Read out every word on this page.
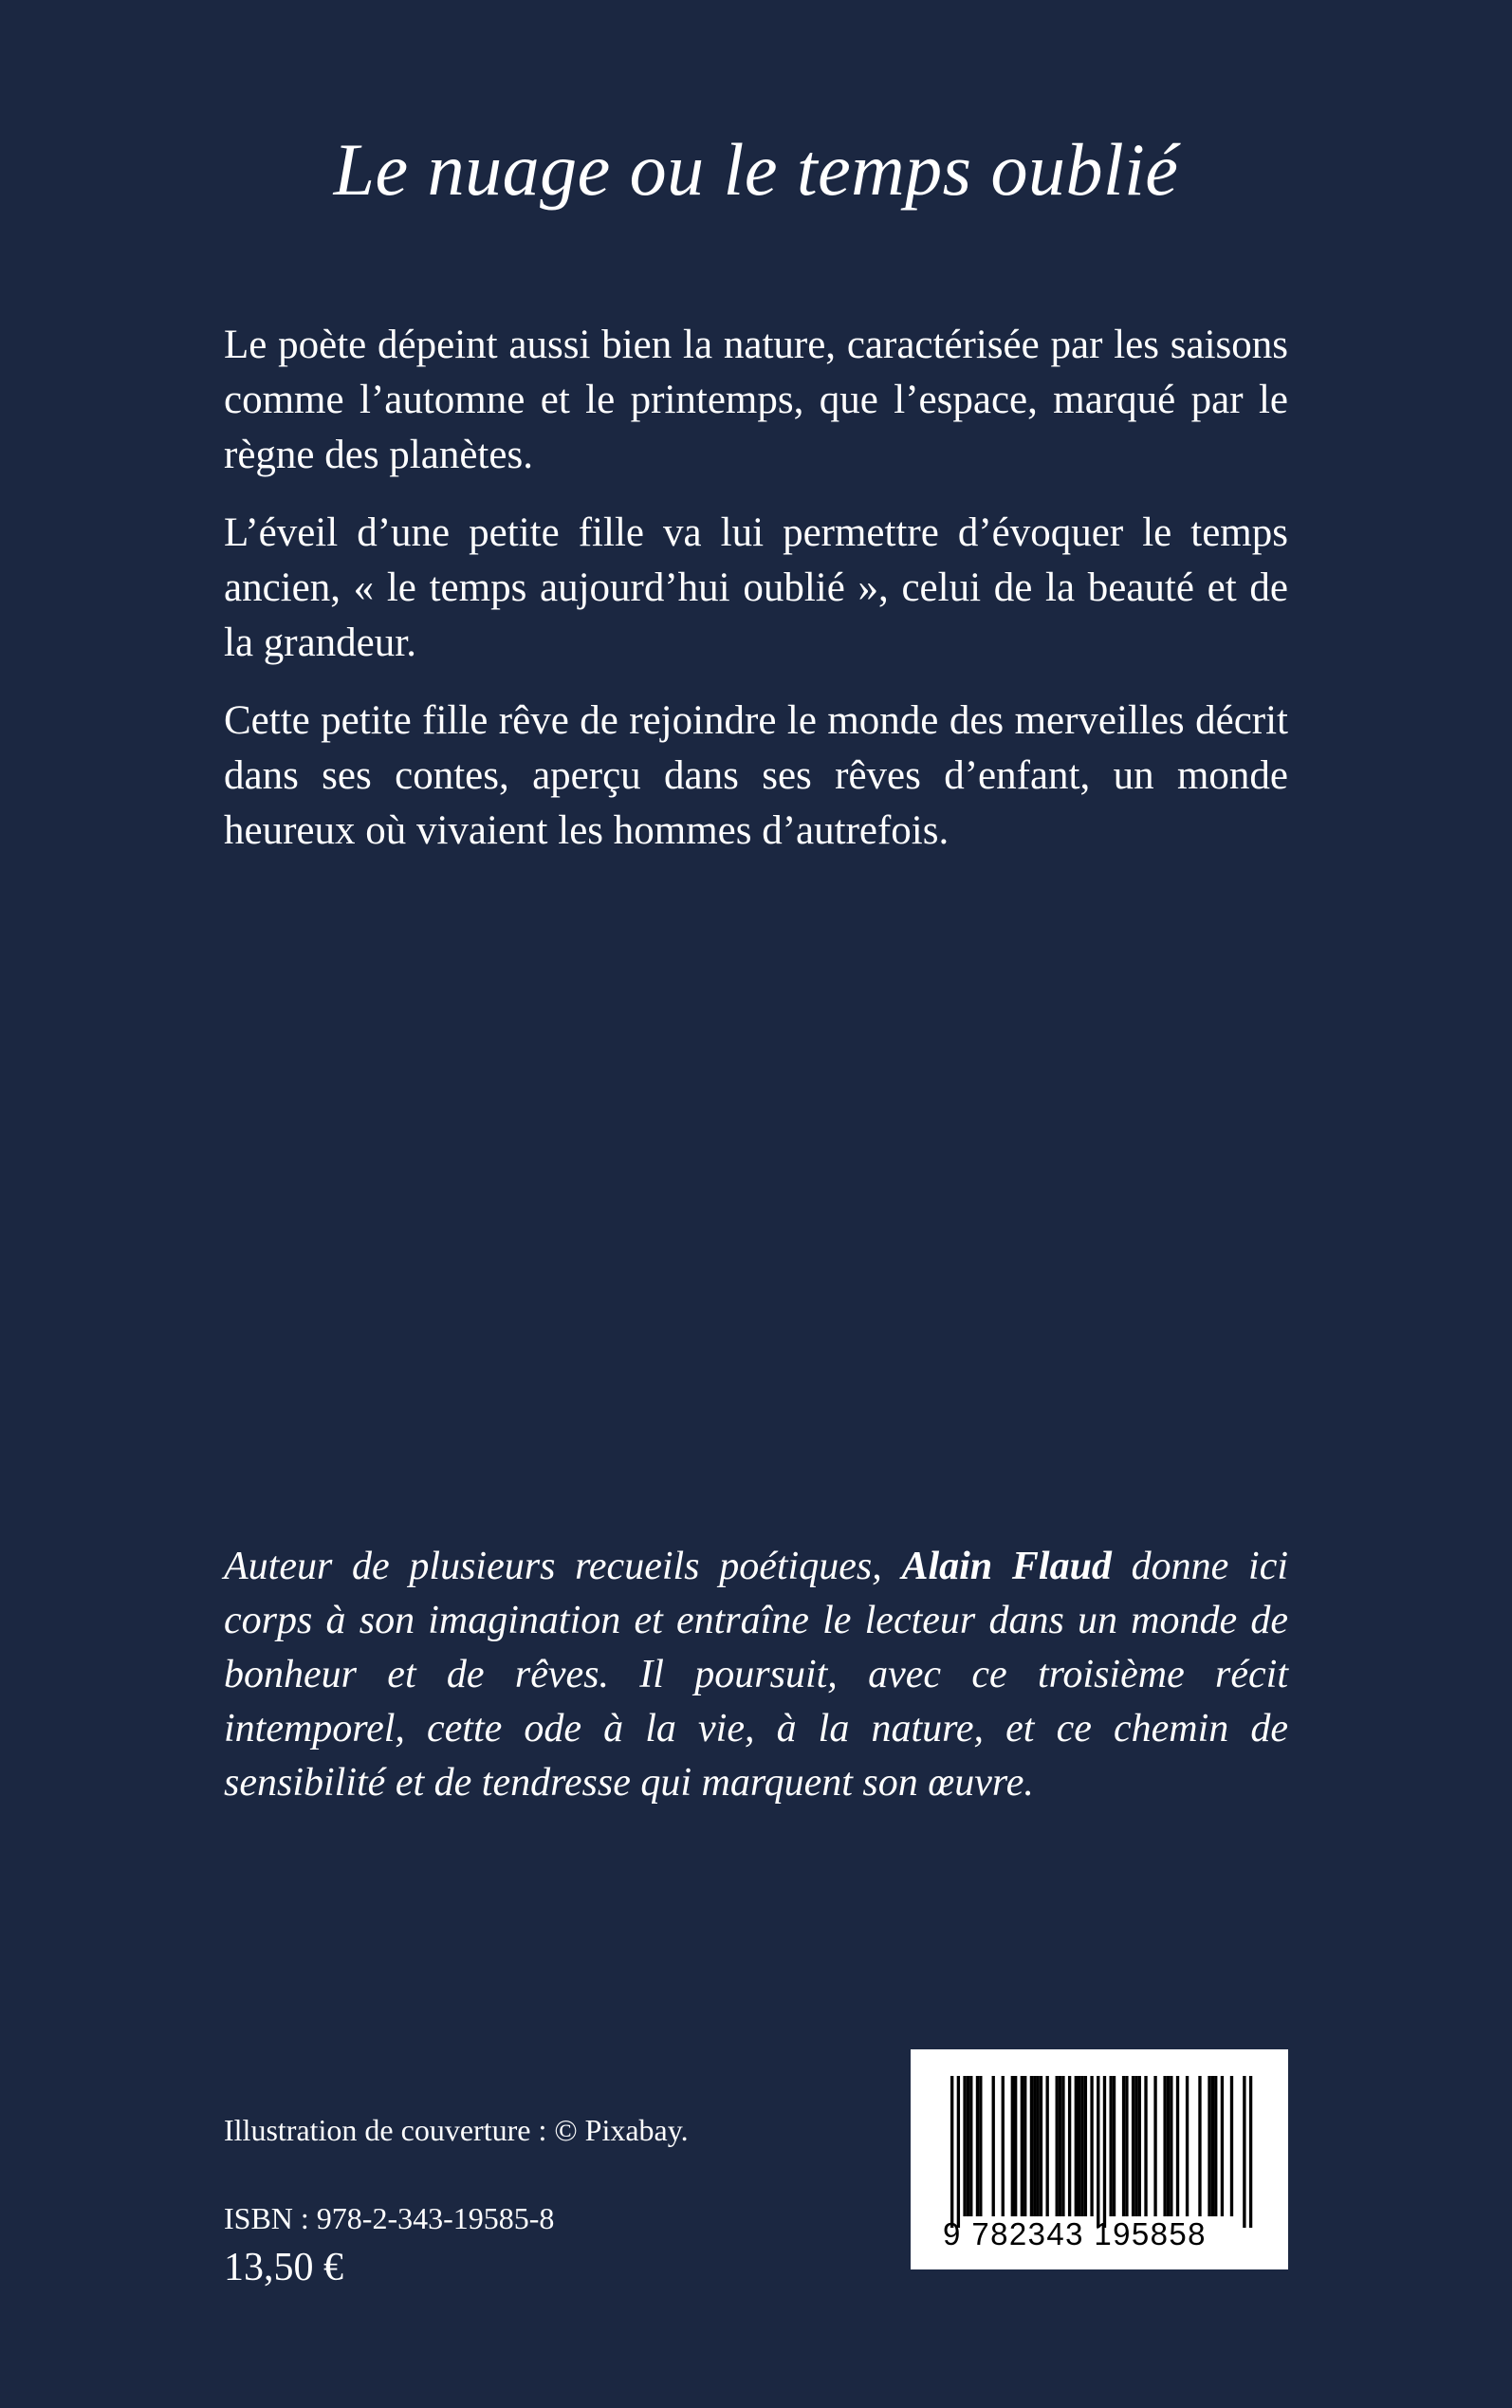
Le nuage ou le temps oublié

Le poète dépeint aussi bien la nature, caractérisée par les saisons comme l’automne et le printemps, que l’espace, marqué par le règne des planètes.

L’éveil d’une petite fille va lui permettre d’évoquer le temps ancien, « le temps aujourd’hui oublié », celui de la beauté et de la grandeur.

Cette petite fille rêve de rejoindre le monde des merveilles décrit dans ses contes, aperçu dans ses rêves d’enfant, un monde heureux où vivaient les hommes d’autrefois.

Auteur de plusieurs recueils poétiques, Alain Flaud donne ici corps à son imagination et entraîne le lecteur dans un monde de bonheur et de rêves. Il poursuit, avec ce troisième récit intemporel, cette ode à la vie, à la nature, et ce chemin de sensibilité et de tendresse qui marquent son œuvre.
Illustration de couverture : © Pixabay.
ISBN : 978-2-343-19585-8
13,50 €
9 782343 195858
